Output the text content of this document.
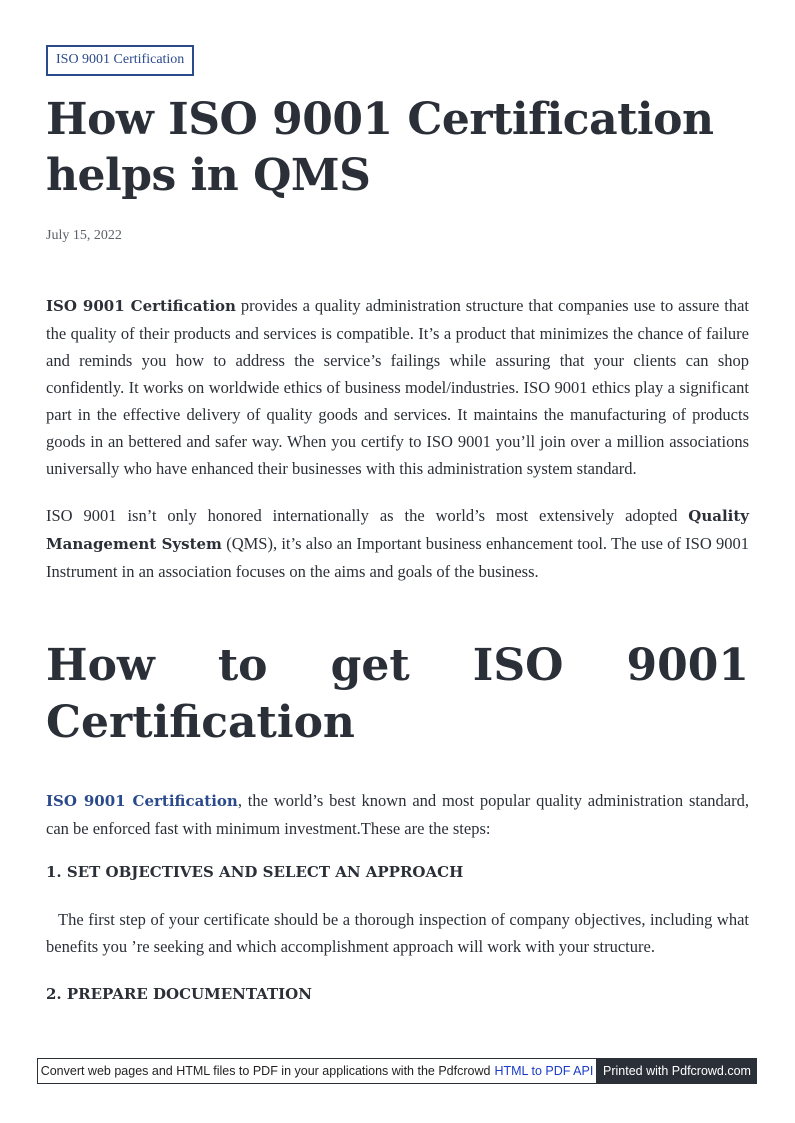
ISO 9001 Certification
How ISO 9001 Certification
helps in QMS
July 15, 2022

ISO 9001 Certification provides a quality administration structure that companies use to assure that the quality of their products and services is compatible. It’s a product that minimizes the chance of failure and reminds you how to address the service’s failings while assuring that your clients can shop confidently. It works on worldwide ethics of business model/industries. ISO 9001 ethics play a significant part in the effective delivery of quality goods and services. It maintains the manufacturing of products goods in an bettered and safer way. When you certify to ISO 9001 you’ll join over a million associations universally who have enhanced their businesses with this administration system standard.

ISO 9001 isn’t only honored internationally as the world’s most extensively adopted Quality Management System (QMS), it’s also an Important business enhancement tool. The use of ISO 9001 Instrument in an association focuses on the aims and goals of the business.

How to get ISO 9001
Certification

ISO 9001 Certification, the world’s best known and most popular quality administration standard, can be enforced fast with minimum investment.These are the steps:

1. SET OBJECTIVES AND SELECT AN APPROACH

The first step of your certificate should be a thorough inspection of company objectives, including what benefits you ’re seeking and which accomplishment approach will work with your structure.

2. PREPARE DOCUMENTATION
Convert web pages and HTML files to PDF in your applications with the Pdfcrowd HTML to PDF API Printed with Pdfcrowd.com
